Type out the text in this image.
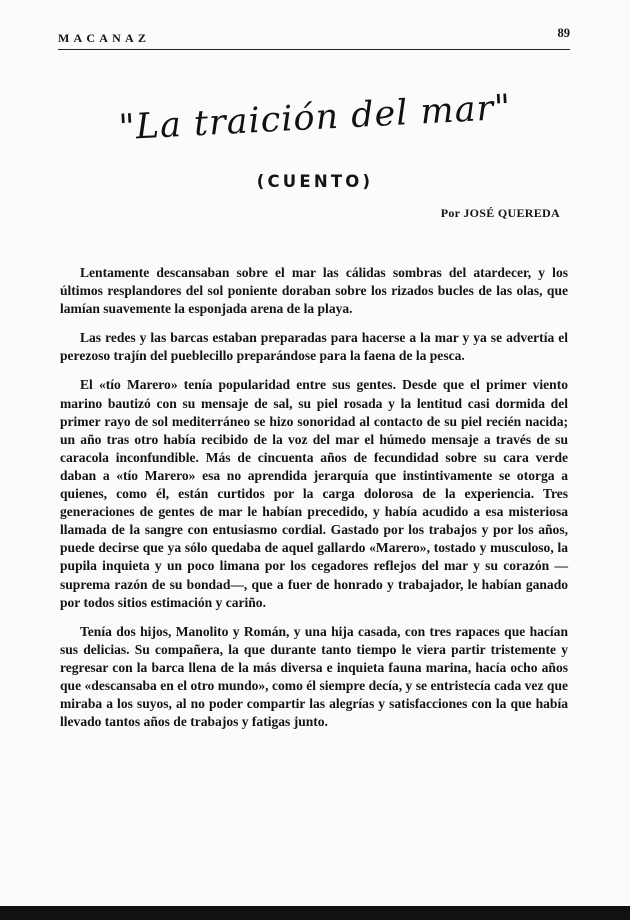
MACANAZ	89
"La traición del mar"
(CUENTO)
Por JOSÉ QUEREDA

Lentamente descansaban sobre el mar las cálidas sombras del atardecer, y los últimos resplandores del sol poniente doraban sobre los rizados bucles de las olas, que lamían suavemente la esponjada arena de la playa.

Las redes y las barcas estaban preparadas para hacerse a la mar y ya se advertía el perezoso trajín del pueblecillo preparándose para la faena de la pesca.

El «tío Marero» tenía popularidad entre sus gentes. Desde que el primer viento marino bautizó con su mensaje de sal, su piel rosada y la lentitud casi dormida del primer rayo de sol mediterráneo se hizo sonoridad al contacto de su piel recién nacida; un año tras otro había recibido de la voz del mar el húmedo mensaje a través de su caracola inconfundible. Más de cincuenta años de fecundidad sobre su cara verde daban a «tío Marero» esa no aprendida jerarquía que instintivamente se otorga a quienes, como él, están curtidos por la carga dolorosa de la experiencia. Tres generaciones de gentes de mar le habían precedido, y había acudido a esa misteriosa llamada de la sangre con entusiasmo cordial. Gastado por los trabajos y por los años, puede decirse que ya sólo quedaba de aquel gallardo «Marero», tostado y musculoso, la pupila inquieta y un poco limana por los cegadores reflejos del mar y su corazón —suprema razón de su bondad—, que a fuer de honrado y trabajador, le habían ganado por todos sitios estimación y cariño.

Tenía dos hijos, Manolito y Román, y una hija casada, con tres rapaces que hacían sus delicias. Su compañera, la que durante tanto tiempo le viera partir tristemente y regresar con la barca llena de la más diversa e inquieta fauna marina, hacía ocho años que «descansaba en el otro mundo», como él siempre decía, y se entristecía cada vez que miraba a los suyos, al no poder compartir las alegrías y satisfacciones con la que había llevado tantos años de trabajos y fatigas junto.
